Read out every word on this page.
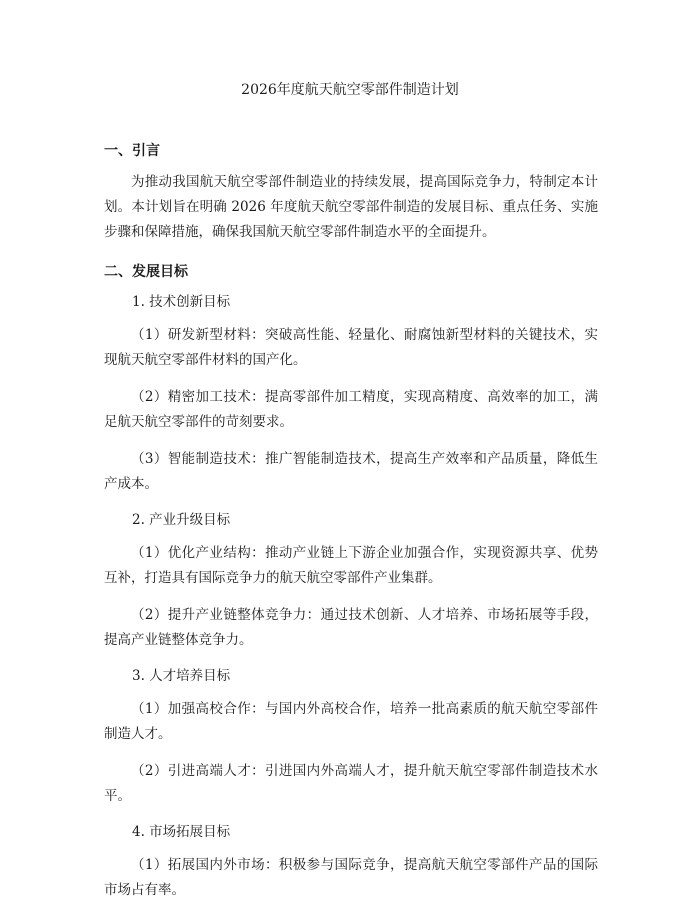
2026年度航天航空零部件制造计划
一、引言

为推动我国航天航空零部件制造业的持续发展，提高国际竞争力，特制定本计划。本计划旨在明确 2026 年度航天航空零部件制造的发展目标、重点任务、实施步骤和保障措施，确保我国航天航空零部件制造水平的全面提升。

二、发展目标
1. 技术创新目标

（1）研发新型材料：突破高性能、轻量化、耐腐蚀新型材料的关键技术，实现航天航空零部件材料的国产化。

（2）精密加工技术：提高零部件加工精度，实现高精度、高效率的加工，满足航天航空零部件的苛刻要求。

（3）智能制造技术：推广智能制造技术，提高生产效率和产品质量，降低生产成本。

2. 产业升级目标

（1）优化产业结构：推动产业链上下游企业加强合作，实现资源共享、优势互补，打造具有国际竞争力的航天航空零部件产业集群。

（2）提升产业链整体竞争力：通过技术创新、人才培养、市场拓展等手段，提高产业链整体竞争力。

3. 人才培养目标

（1）加强高校合作：与国内外高校合作，培养一批高素质的航天航空零部件制造人才。

（2）引进高端人才：引进国内外高端人才，提升航天航空零部件制造技术水平。

4. 市场拓展目标

（1）拓展国内外市场：积极参与国际竞争，提高航天航空零部件产品的国际市场占有率。
